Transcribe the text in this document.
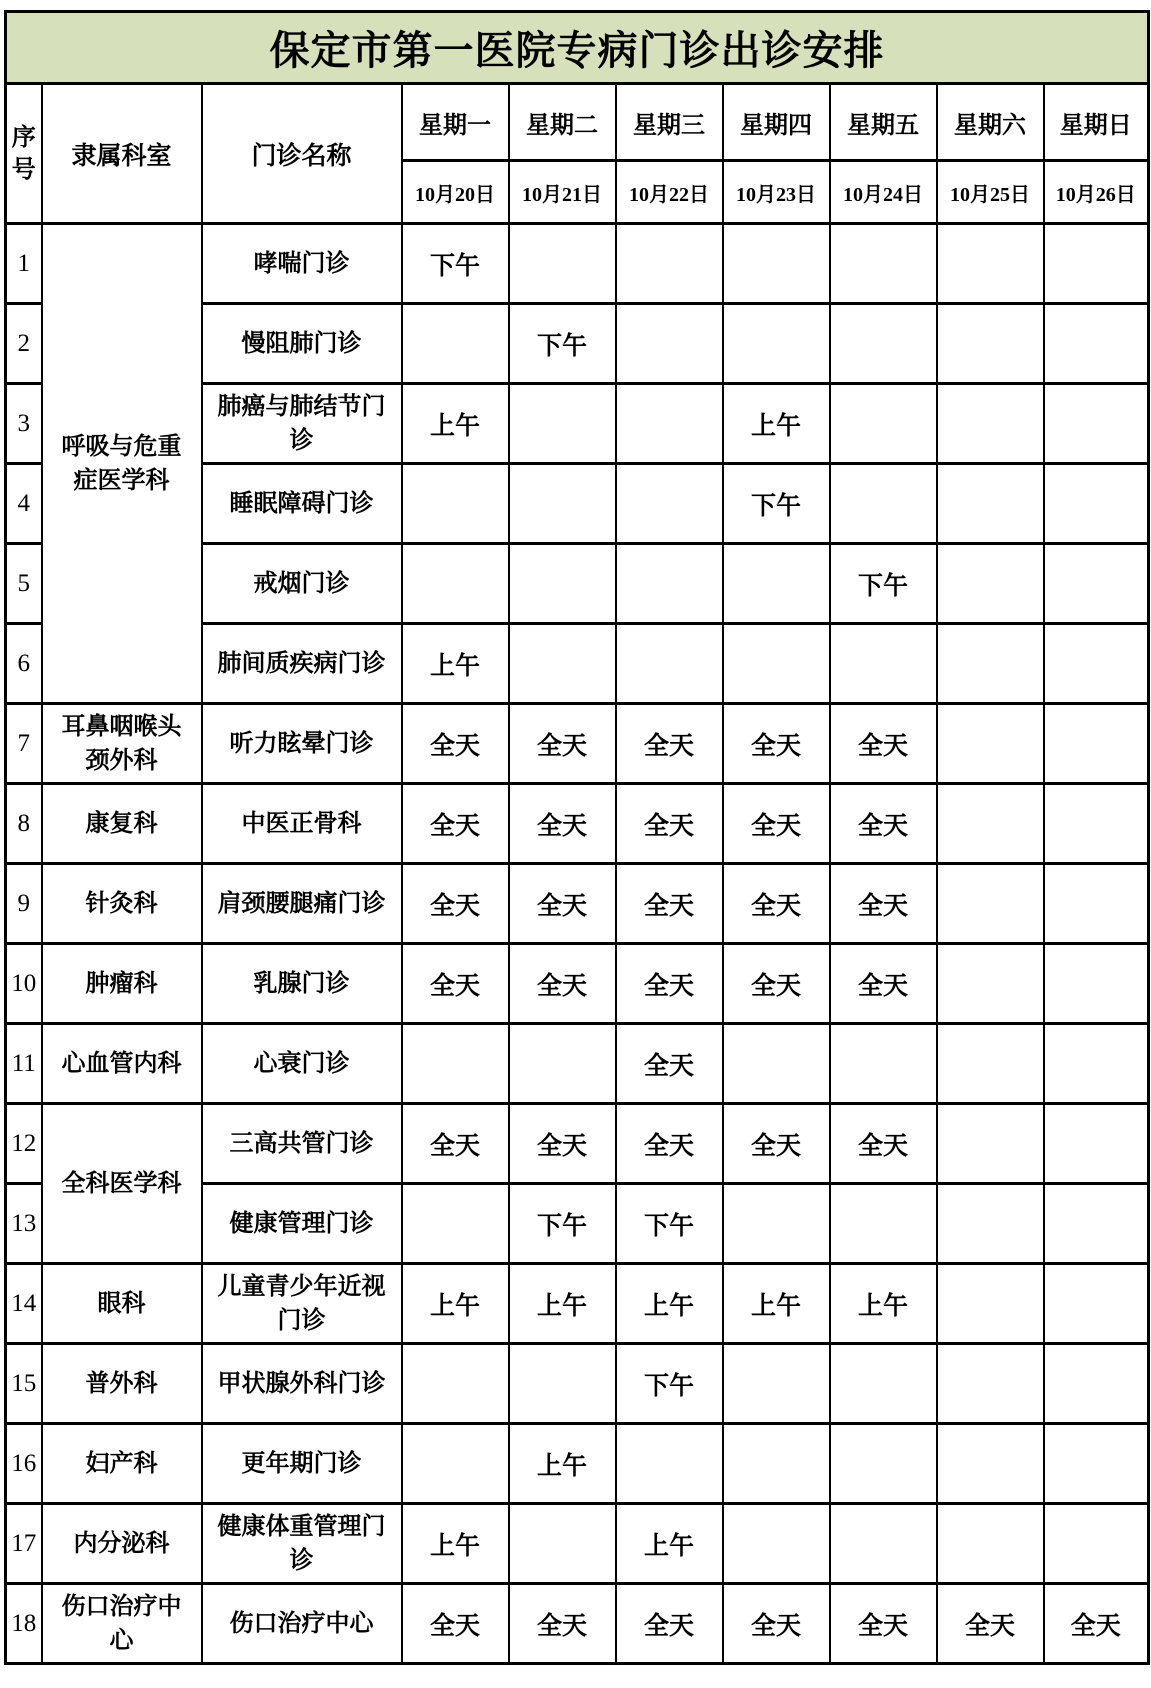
保定市第一医院专病门诊出诊安排									
序号	隶属科室	门诊名称	星期一	星期二	星期三	星期四	星期五	星期六	星期日
			10月20日	10月21日	10月22日	10月23日	10月24日	10月25日	10月26日
1	呼吸与危重症医学科	哮喘门诊	下午						
2		慢阻肺门诊		下午					
3		肺癌与肺结节门诊	上午			上午			
4		睡眠障碍门诊				下午			
5		戒烟门诊					下午		
6		肺间质疾病门诊	上午						
7	耳鼻咽喉头颈外科	听力眩晕门诊	全天	全天	全天	全天	全天		
8	康复科	中医正骨科	全天	全天	全天	全天	全天		
9	针灸科	肩颈腰腿痛门诊	全天	全天	全天	全天	全天		
10	肿瘤科	乳腺门诊	全天	全天	全天	全天	全天		
11	心血管内科	心衰门诊			全天				
12	全科医学科	三高共管门诊	全天	全天	全天	全天	全天		
13		健康管理门诊		下午	下午				
14	眼科	儿童青少年近视门诊	上午	上午	上午	上午	上午		
15	普外科	甲状腺外科门诊			下午				
16	妇产科	更年期门诊		上午					
17	内分泌科	健康体重管理门诊	上午		上午				
18	伤口治疗中心	伤口治疗中心	全天	全天	全天	全天	全天	全天	全天
